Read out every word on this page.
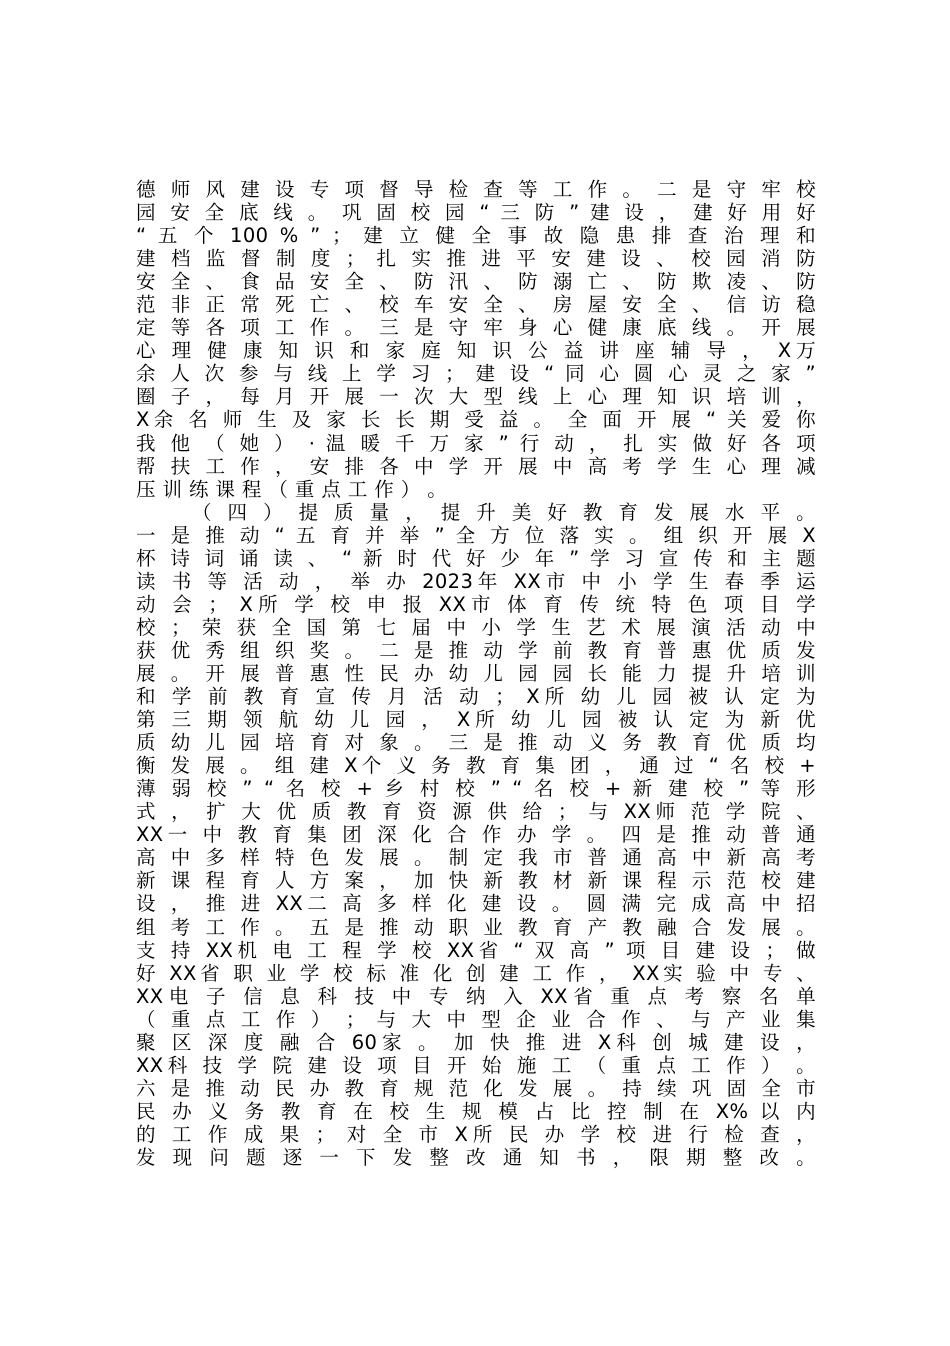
德 师 风 建 设 专 项 督 导 检 查 等 工 作 。 二 是 守 牢 校
园 安 全 底 线 。 巩 固 校 园 “ 三 防 ” 建 设 ， 建 好 用 好
“ 五 个 100 % ” ； 建 立 健 全 事 故 隐 患 排 查 治 理 和
建 档 监 督 制 度 ； 扎 实 推 进 平 安 建 设 、 校 园 消 防
安 全 、 食 品 安 全 、 防 汛 、 防 溺 亡 、 防 欺 凌 、 防
范 非 正 常 死 亡 、 校 车 安 全 、 房 屋 安 全 、 信 访 稳
定 等 各 项 工 作 。 三 是 守 牢 身 心 健 康 底 线 。 开 展
心 理 健 康 知 识 和 家 庭 知 识 公 益 讲 座 辅 导 ， X万
余 人 次 参 与 线 上 学 习 ； 建 设 “ 同 心 圆 心 灵 之 家 ”
圈 子 ， 每 月 开 展 一 次 大 型 线 上 心 理 知 识 培 训 ，
X余 名 师 生 及 家 长 长 期 受 益 。 全 面 开 展 “ 关 爱 你
我 他 （ 她 ） · 温 暖 千 万 家 ” 行 动 ， 扎 实 做 好 各 项
帮 扶 工 作 ， 安 排 各 中 学 开 展 中 高 考 学 生 心 理 减
压 训 练 课 程 （ 重 点 工 作 ） 。
（ 四 ） 提 质 量 ， 提 升 美 好 教 育 发 展 水 平 。
一 是 推 动 “ 五 育 并 举 ” 全 方 位 落 实 。 组 织 开 展 X
杯 诗 词 诵 读 、 “ 新 时 代 好 少 年 ” 学 习 宣 传 和 主 题
读 书 等 活 动 ， 举 办 2023年 XX市 中 小 学 生 春 季 运
动 会 ； X所 学 校 申 报 XX市 体 育 传 统 特 色 项 目 学
校 ； 荣 获 全 国 第 七 届 中 小 学 生 艺 术 展 演 活 动 中
获 优 秀 组 织 奖 。 二 是 推 动 学 前 教 育 普 惠 优 质 发
展 。 开 展 普 惠 性 民 办 幼 儿 园 园 长 能 力 提 升 培 训
和 学 前 教 育 宣 传 月 活 动 ； X所 幼 儿 园 被 认 定 为
第 三 期 领 航 幼 儿 园 ， X所 幼 儿 园 被 认 定 为 新 优
质 幼 儿 园 培 育 对 象 。 三 是 推 动 义 务 教 育 优 质 均
衡 发 展 。 组 建 X个 义 务 教 育 集 团 ， 通 过 “ 名 校 +
薄 弱 校 ” “ 名 校 + 乡 村 校 ” “ 名 校 + 新 建 校 ” 等 形
式 ， 扩 大 优 质 教 育 资 源 供 给 ； 与 XX师 范 学 院 、
XX一 中 教 育 集 团 深 化 合 作 办 学 。 四 是 推 动 普 通
高 中 多 样 特 色 发 展 。 制 定 我 市 普 通 高 中 新 高 考
新 课 程 育 人 方 案 ， 加 快 新 教 材 新 课 程 示 范 校 建
设 ， 推 进 XX二 高 多 样 化 建 设 。 圆 满 完 成 高 中 招
组 考 工 作 。 五 是 推 动 职 业 教 育 产 教 融 合 发 展 。
支 持 XX机 电 工 程 学 校 XX省 “ 双 高 ” 项 目 建 设 ； 做
好 XX省 职 业 学 校 标 准 化 创 建 工 作 ， XX实 验 中 专 、
XX电 子 信 息 科 技 中 专 纳 入 XX省 重 点 考 察 名 单
（ 重 点 工 作 ） ； 与 大 中 型 企 业 合 作 、 与 产 业 集
聚 区 深 度 融 合 60家 。 加 快 推 进 X科 创 城 建 设 ，
XX科 技 学 院 建 设 项 目 开 始 施 工 （ 重 点 工 作 ） 。
六 是 推 动 民 办 教 育 规 范 化 发 展 。 持 续 巩 固 全 市
民 办 义 务 教 育 在 校 生 规 模 占 比 控 制 在 X% 以 内
的 工 作 成 果 ； 对 全 市 X所 民 办 学 校 进 行 检 查 ，
发 现 问 题 逐 一 下 发 整 改 通 知 书 ， 限 期 整 改 。
